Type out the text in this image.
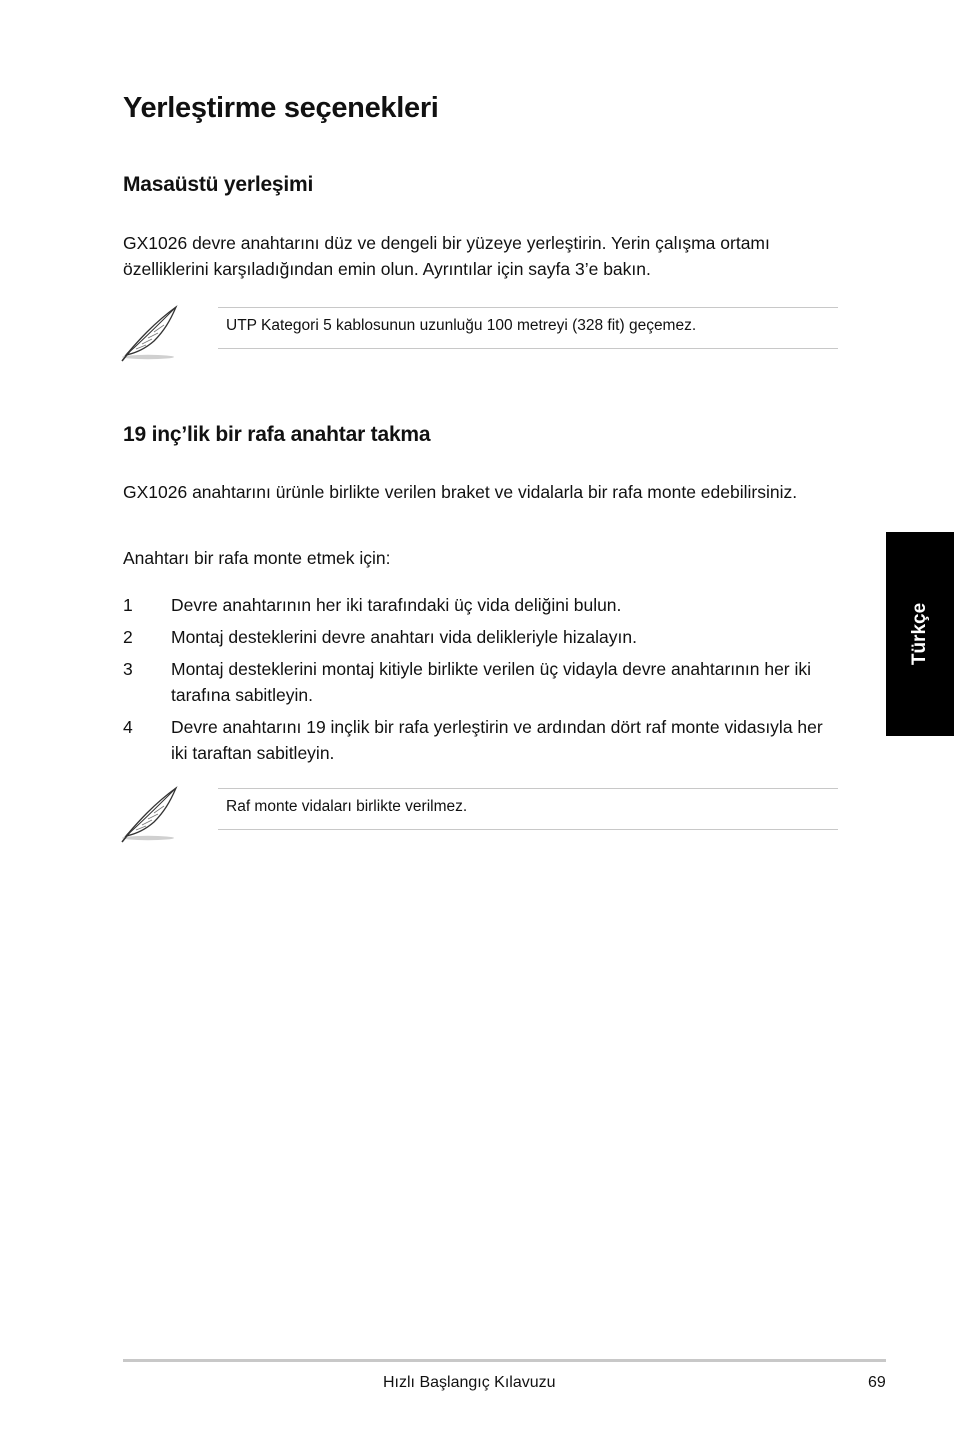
Yerleştirme seçenekleri
Masaüstü yerleşimi

GX1026 devre anahtarını düz ve dengeli bir yüzeye yerleştirin. Yerin çalışma ortamı özelliklerini karşıladığından emin olun. Ayrıntılar için sayfa 3’e bakın.

UTP Kategori 5 kablosunun uzunluğu 100 metreyi (328 fit) geçemez.
19 inç’lik bir rafa anahtar takma

GX1026 anahtarını ürünle birlikte verilen braket ve vidalarla bir rafa monte edebilirsiniz.

Anahtarı bir rafa monte etmek için:

1 Devre anahtarının her iki tarafındaki üç vida deliğini bulun.
2 Montaj desteklerini devre anahtarı vida delikleriyle hizalayın.
3 Montaj desteklerini montaj kitiyle birlikte verilen üç vidayla devre anahtarının her iki tarafına sabitleyin.
4 Devre anahtarını 19 inçlik bir rafa yerleştirin ve ardından dört raf monte vidasıyla her iki taraftan sabitleyin.
Raf monte vidaları birlikte verilmez.
Türkçe
Hızlı Başlangıç Kılavuzu	69
